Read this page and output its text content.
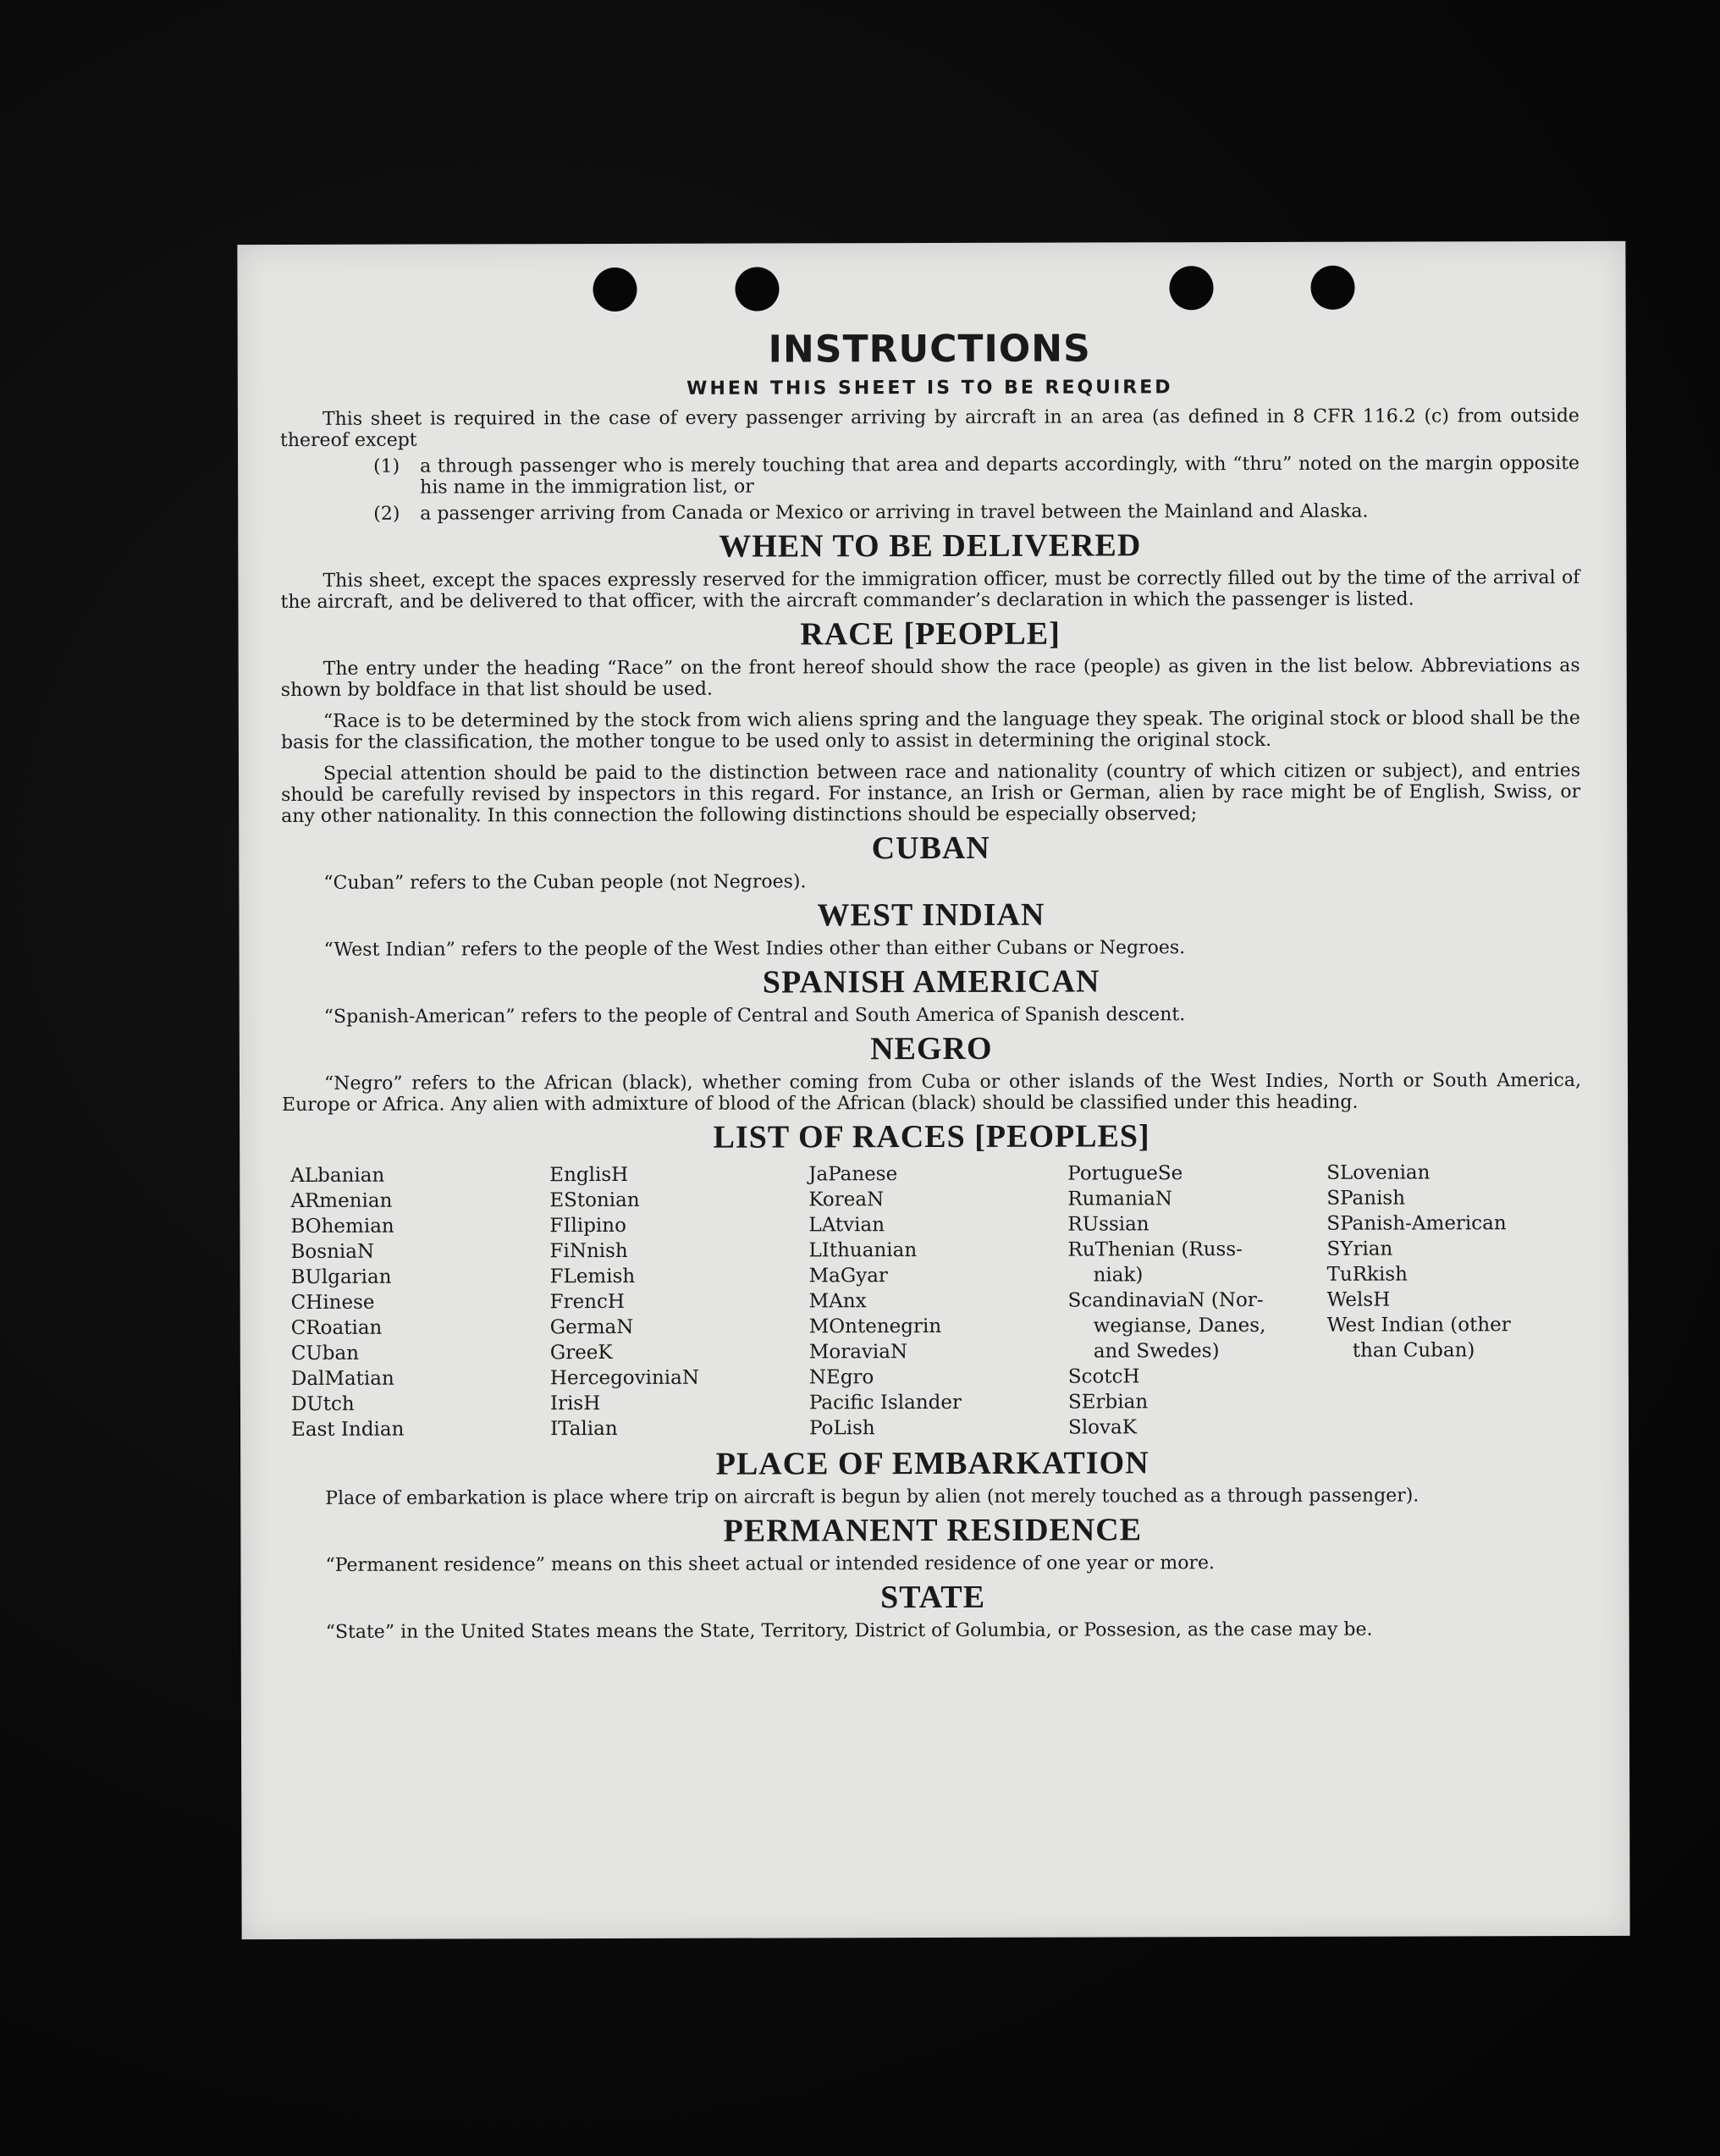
INSTRUCTIONS
WHEN THIS SHEET IS TO BE REQUIRED

This sheet is required in the case of every passenger arriving by aircraft in an area (as defined in 8 CFR 116.2 (c) from outside thereof except

(1)	a through passenger who is merely touching that area and departs accordingly, with “thru” noted on the margin opposite his name in the immigration list, or
(2)	a passenger arriving from Canada or Mexico or arriving in travel between the Mainland and Alaska.
WHEN TO BE DELIVERED

This sheet, except the spaces expressly reserved for the immigration officer, must be correctly filled out by the time of the arrival of the aircraft, and be delivered to that officer, with the aircraft commander’s declaration in which the passenger is listed.

RACE [PEOPLE]

The entry under the heading “Race” on the front hereof should show the race (people) as given in the list below. Abbreviations as shown by boldface in that list should be used.

“Race is to be determined by the stock from wich aliens spring and the language they speak. The original stock or blood shall be the basis for the classification, the mother tongue to be used only to assist in determining the original stock.

Special attention should be paid to the distinction between race and nationality (country of which citizen or subject), and entries should be carefully revised by inspectors in this regard. For instance, an Irish or German, alien by race might be of English, Swiss, or any other nationality. In this connection the following distinctions should be especially observed;

CUBAN

“Cuban” refers to the Cuban people (not Negroes).

WEST INDIAN

“West Indian” refers to the people of the West Indies other than either Cubans or Negroes.

SPANISH AMERICAN

“Spanish-American” refers to the people of Central and South America of Spanish descent.

NEGRO

“Negro” refers to the African (black), whether coming from Cuba or other islands of the West Indies, North or South America, Europe or Africa. Any alien with admixture of blood of the African (black) should be classified under this heading.

LIST OF RACES [PEOPLES]
ALbanian
ARmenian
BOhemian
BosniaN
BUlgarian
CHinese
CRoatian
CUban
DalMatian
DUtch
East Indian
EnglisH
EStonian
FIlipino
FiNnish
FLemish
FrencH
GermaN
GreeK
HercegoviniaN
IrisH
ITalian
JaPanese
KoreaN
LAtvian
LIthuanian
MaGyar
MAnx
MOntenegrin
MoraviaN
NEgro
Pacific Islander
PoLish
PortugueSe
RumaniaN
RUssian
RuThenian (Russ-
niak)
ScandinaviaN (Nor-
wegianse, Danes,
and Swedes)
ScotcH
SErbian
SlovaK
SLovenian
SPanish
SPanish-American
SYrian
TuRkish
WelsH
West Indian (other
than Cuban)
PLACE OF EMBARKATION

Place of embarkation is place where trip on aircraft is begun by alien (not merely touched as a through passenger).

PERMANENT RESIDENCE

“Permanent residence” means on this sheet actual or intended residence of one year or more.

STATE

“State” in the United States means the State, Territory, District of Golumbia, or Possesion, as the case may be.
